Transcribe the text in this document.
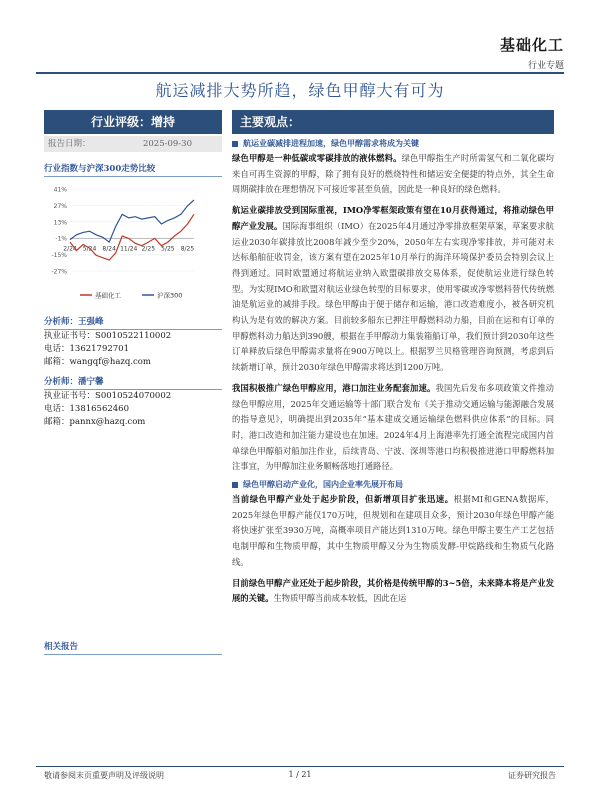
基础化工
行业专题
航运减排大势所趋，绿色甲醇大有可为
行业评级：增持
报告日期：	2025-09-30
行业指数与沪深300走势比较
41%
27%
13%
-1%
-15%
-27%
2/24 5/24 8/24 11/24 2/25 5/25 8/25
基础化工	沪深300
分析师：王强峰
执业证书号：S0010522110002
电话：13621792701
邮箱：wangqf@hazq.com
分析师：潘宁馨
执业证书号：S0010524070002
电话：13816562460
邮箱：pannx@hazq.com
相关报告
主要观点：
航运业碳减排进程加速，绿色甲醇需求将成为关键
绿色甲醇是一种低碳或零碳排放的液体燃料。绿色甲醇指生产时所需氢气和二氧化碳均来自可再生资源的甲醇，除了拥有良好的燃烧特性和储运安全便捷的特点外，其全生命周期碳排放在理想情况下可接近零甚至负值，因此是一种良好的绿色燃料。
航运业碳排放受到国际重视，IMO净零框架政策有望在10月获得通过，将推动绿色甲醇产业发展。国际海事组织（IMO）在2025年4月通过净零排放框架草案，草案要求航运业2030年碳排放比2008年减少至少20%，2050年左右实现净零排放，并可能对未达标船舶征收罚金，该方案有望在2025年10月举行的海洋环境保护委员会特别会议上得到通过。同时欧盟通过将航运业纳入欧盟碳排放交易体系，促使航运业进行绿色转型。为实现IMO和欧盟对航运业绿色转型的目标要求，使用零碳或净零燃料替代传统燃油是航运业的减排手段。绿色甲醇由于便于储存和运输，港口改造难度小，被各研究机构认为是有效的解决方案。目前较多船东已押注甲醇燃料动力船，目前在运和有订单的甲醇燃料动力船达到390艘，根据在手甲醇动力集装箱船订单，我们预计到2030年这些订单释放后绿色甲醇需求量将在900万吨以上。根据罗兰贝格管理咨询预测，考虑到后续新增订单，预计2030年绿色甲醇需求将达到1200万吨。
我国积极推广绿色甲醇应用，港口加注业务配套加速。我国先后发布多项政策文件推动绿色甲醇应用，2025年交通运输等十部门联合发布《关于推动交通运输与能源融合发展的指导意见》，明确提出到2035年“基本建成交通运输绿色燃料供应体系”的目标。同时，港口改造和加注能力建设也在加速。2024年4月上海港率先打通全流程完成国内首单绿色甲醇船对船加注作业，后续青岛、宁波、深圳等港口均积极推进港口甲醇燃料加注事宜，为甲醇加注业务顺畅落地打通路径。
绿色甲醇启动产业化，国内企业率先展开布局
当前绿色甲醇产业处于起步阶段，但新增项目扩张迅速。根据MI和GENA数据库，2025年绿色甲醇产能仅170万吨，但规划和在建项目众多，预计2030年绿色甲醇产能将快速扩张至3930万吨，高概率项目产能达到1310万吨。绿色甲醇主要生产工艺包括电制甲醇和生物质甲醇，其中生物质甲醇又分为生物质发酵-甲烷路线和生物质气化路线。
目前绿色甲醇产业还处于起步阶段，其价格是传统甲醇的3~5倍，未来降本将是产业发展的关键。生物质甲醇当前成本较低，因此在运
敬请参阅末页重要声明及评级说明	1 / 21	证券研究报告
